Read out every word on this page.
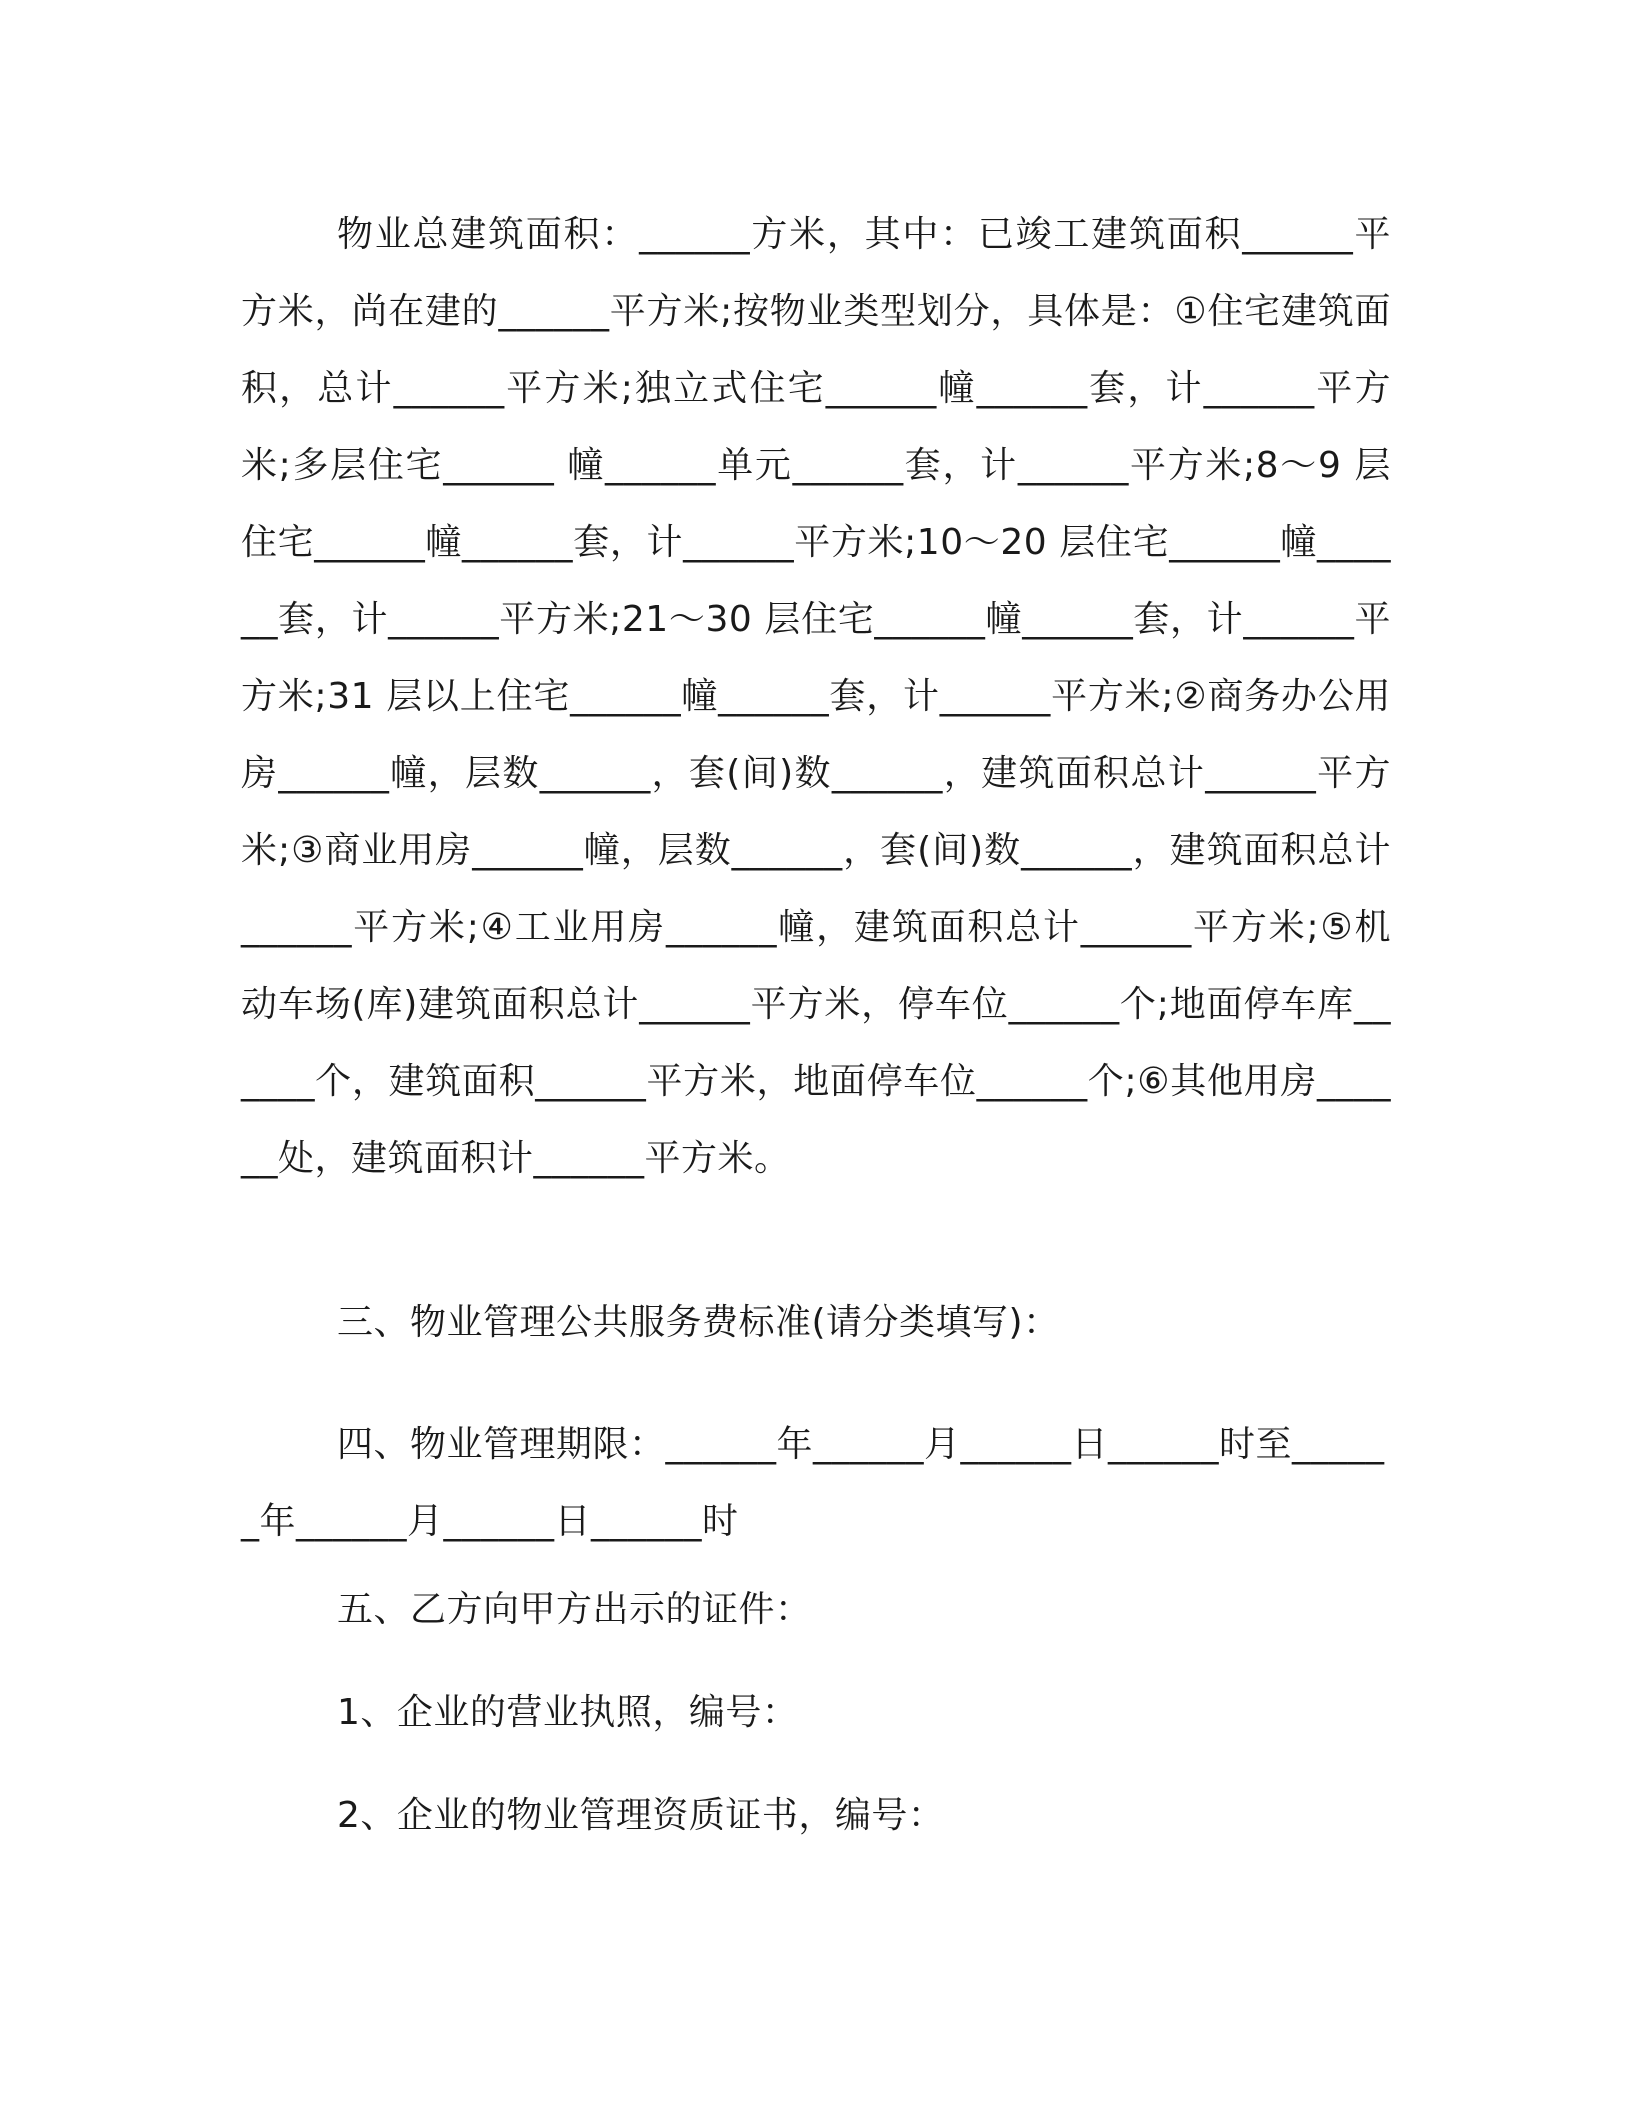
物业总建筑面积：______方米，其中：已竣工建筑面积______平方米，尚在建的______平方米;按物业类型划分，具体是：①住宅建筑面积，总计______平方米;独立式住宅______幢______套，计______平方米;多层住宅______ 幢______单元______套，计______平方米;8～9 层住宅______幢______套，计______平方米;10～20 层住宅______幢______套，计______平方米;21～30 层住宅______幢______套，计______平方米;31 层以上住宅______幢______套，计______平方米;②商务办公用房______幢，层数______，套(间)数______，建筑面积总计______平方米;③商业用房______幢，层数______，套(间)数______，建筑面积总计______平方米;④工业用房______幢，建筑面积总计______平方米;⑤机动车场(库)建筑面积总计______平方米，停车位______个;地面停车库______个，建筑面积______平方米，地面停车位______个;⑥其他用房______处，建筑面积计______平方米。

三、物业管理公共服务费标准(请分类填写)：

四、物业管理期限：______年______月______日______时至______年______月______日______时

五、乙方向甲方出示的证件：

1、企业的营业执照，编号：

2、企业的物业管理资质证书，编号：
